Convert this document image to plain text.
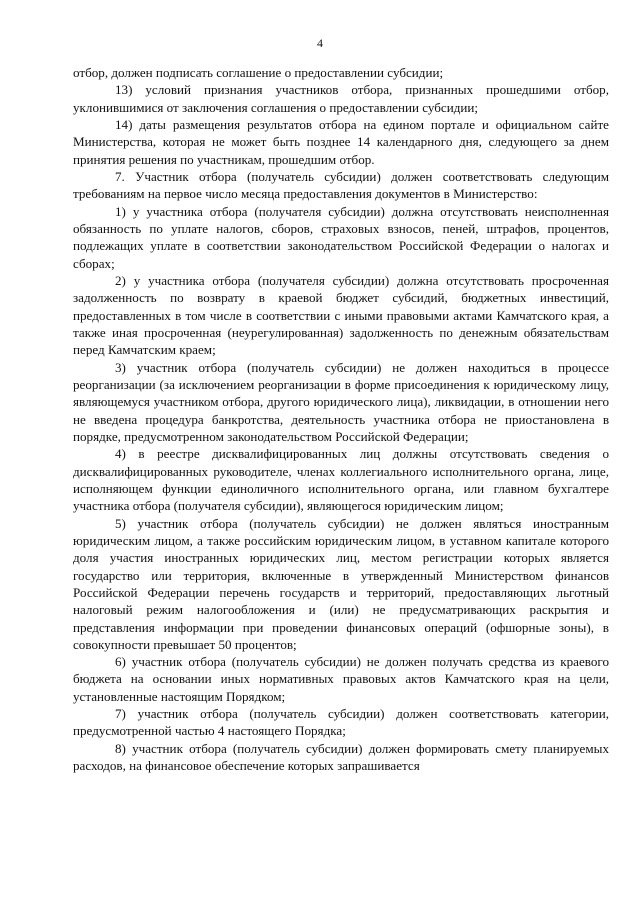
4

отбор, должен подписать соглашение о предоставлении субсидии;

13) условий признания участников отбора, признанных прошедшими отбор, уклонившимися от заключения соглашения о предоставлении субсидии;

14) даты размещения результатов отбора на едином портале и официальном сайте Министерства, которая не может быть позднее 14 календарного дня, следующего за днем принятия решения по участникам, прошедшим отбор.

7. Участник отбора (получатель субсидии) должен соответствовать следующим требованиям на первое число месяца предоставления документов в Министерство:

1) у участника отбора (получателя субсидии) должна отсутствовать неисполненная обязанность по уплате налогов, сборов, страховых взносов, пеней, штрафов, процентов, подлежащих уплате в соответствии законодательством Российской Федерации о налогах и сборах;

2) у участника отбора (получателя субсидии) должна отсутствовать просроченная задолженность по возврату в краевой бюджет субсидий, бюджетных инвестиций, предоставленных в том числе в соответствии с иными правовыми актами Камчатского края, а также иная просроченная (неурегулированная) задолженность по денежным обязательствам перед Камчатским краем;

3) участник отбора (получатель субсидии) не должен находиться в процессе реорганизации (за исключением реорганизации в форме присоединения к юридическому лицу, являющемуся участником отбора, другого юридического лица), ликвидации, в отношении него не введена процедура банкротства, деятельность участника отбора не приостановлена в порядке, предусмотренном законодательством Российской Федерации;

4) в реестре дисквалифицированных лиц должны отсутствовать сведения о дисквалифицированных руководителе, членах коллегиального исполнительного органа, лице, исполняющем функции единоличного исполнительного органа, или главном бухгалтере участника отбора (получателя субсидии), являющегося юридическим лицом;

5) участник отбора (получатель субсидии) не должен являться иностранным юридическим лицом, а также российским юридическим лицом, в уставном капитале которого доля участия иностранных юридических лиц, местом регистрации которых является государство или территория, включенные в утвержденный Министерством финансов Российской Федерации перечень государств и территорий, предоставляющих льготный налоговый режим налогообложения и (или) не предусматривающих раскрытия и представления информации при проведении финансовых операций (офшорные зоны), в совокупности превышает 50 процентов;

6) участник отбора (получатель субсидии) не должен получать средства из краевого бюджета на основании иных нормативных правовых актов Камчатского края на цели, установленные настоящим Порядком;

7) участник отбора (получатель субсидии) должен соответствовать категории, предусмотренной частью 4 настоящего Порядка;

8) участник отбора (получатель субсидии) должен формировать смету планируемых расходов, на финансовое обеспечение которых запрашивается
